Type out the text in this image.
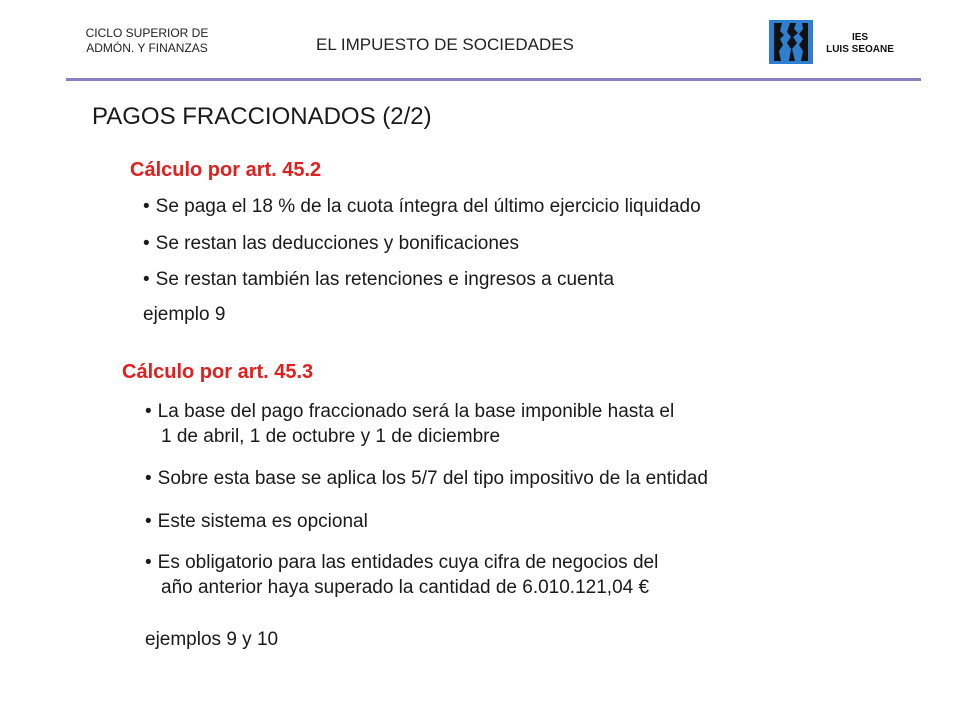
CICLO SUPERIOR DE
ADMÓN. Y FINANZAS	EL IMPUESTO DE SOCIEDADES	IES
LUIS SEOANE
PAGOS FRACCIONADOS (2/2)
Cálculo por art. 45.2
• Se paga el 18 % de la cuota íntegra del último ejercicio liquidado
• Se restan las deducciones y bonificaciones
• Se restan también las retenciones e ingresos a cuenta
ejemplo 9
Cálculo por art. 45.3
• La base del pago fraccionado será la base imponible hasta el
1 de abril, 1 de octubre y 1 de diciembre
• Sobre esta base se aplica los 5/7 del tipo impositivo de la entidad
• Este sistema es opcional
• Es obligatorio para las entidades cuya cifra de negocios del
año anterior haya superado la cantidad de 6.010.121,04 €
ejemplos 9 y 10
